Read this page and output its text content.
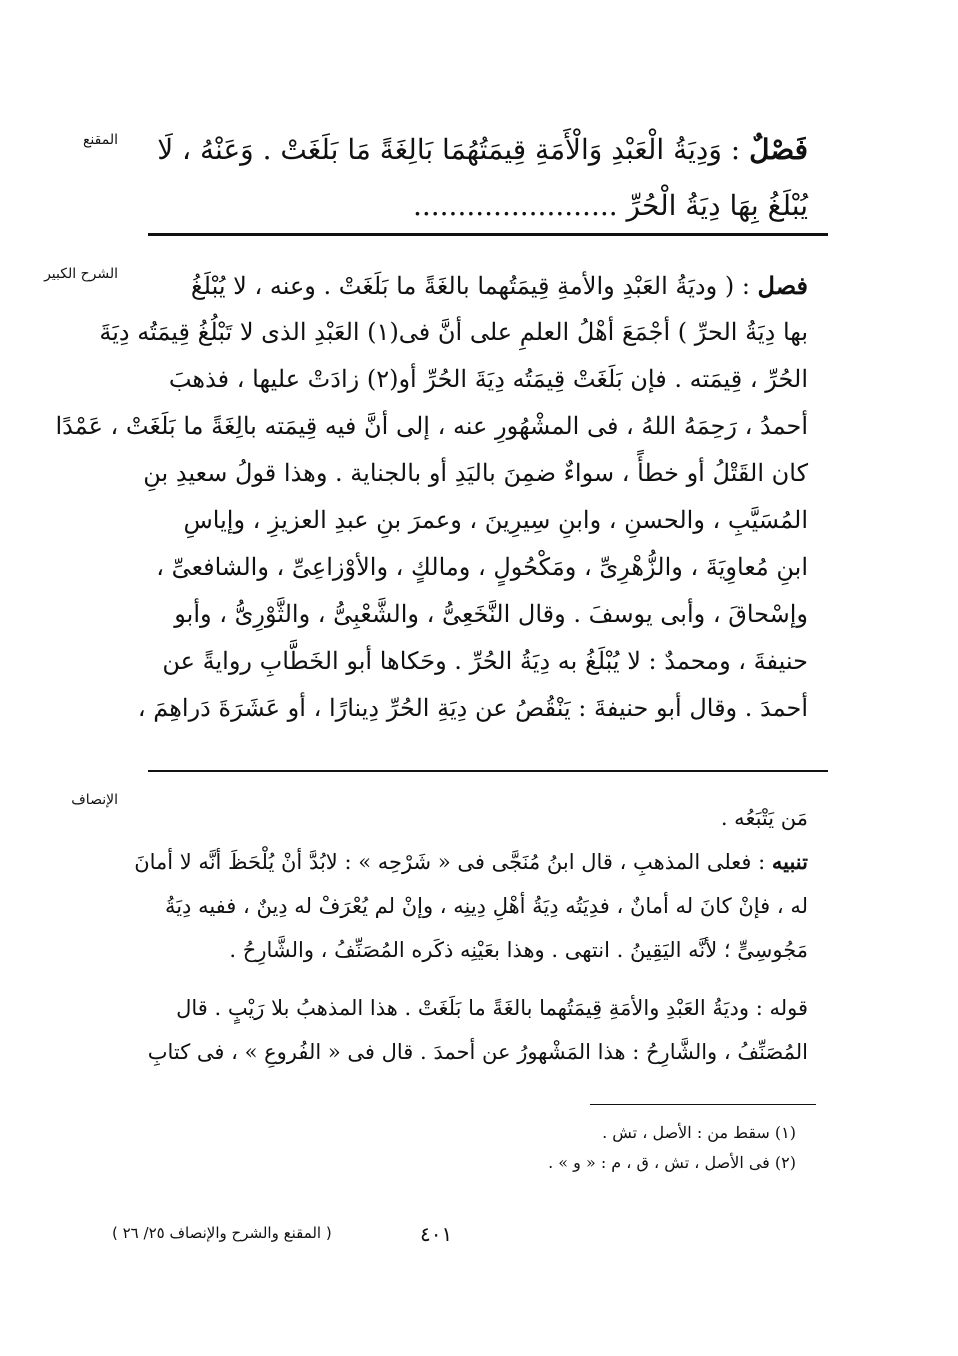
المقنع
الشرح الكبير
الإنصاف
فَصْلٌ : وَدِيَةُ الْعَبْدِ وَالْأَمَةِ قِيمَتُهُمَا بَالِغَةً مَا بَلَغَتْ . وَعَنْهُ ، لَا
يُبْلَغُ بِهَا دِيَةُ الْحُرِّ .......................
فصل : ( وديَةُ العَبْدِ والأمةِ قِيمَتُهما بالغَةً ما بَلَغَتْ . وعنه ، لا يُبْلَغُ
بها دِيَةُ الحرِّ ) أجْمَعَ أهْلُ العلمِ على أنَّ فى(١) العَبْدِ الذى لا تَبْلُغُ قِيمَتُه دِيَةَ
الحُرِّ ، قِيمَته . فإن بَلَغَتْ قِيمَتُه دِيَةَ الحُرِّ أو(٢) زادَتْ عليها ، فذهبَ
أحمدُ ، رَحِمَهُ اللهُ ، فى المشْهُورِ عنه ، إلى أنَّ فيه قِيمَته بالِغَةً ما بَلَغَتْ ، عَمْدًا
كان القَتْلُ أو خطأً ، سواءٌ ضمِنَ باليَدِ أو بالجناية . وهذا قولُ سعيدِ بنِ
المُسَيَّبِ ، والحسنِ ، وابنِ سِيرِينَ ، وعمرَ بنِ عبدِ العزيزِ ، وإياسِ
ابنِ مُعاوِيَةَ ، والزُّهْرِىِّ ، ومَكْحُولٍ ، ومالكٍ ، والأوْزاعِىِّ ، والشافعىِّ ،
وإسْحاقَ ، وأبى يوسفَ . وقال النَّخَعِىُّ ، والشَّعْبِىُّ ، والثَّوْرِىُّ ، وأبو
حنيفةَ ، ومحمدٌ : لا يُبْلَغُ به دِيَةُ الحُرِّ . وحَكاها أبو الخَطَّابِ روايةً عن
أحمدَ . وقال أبو حنيفةَ : يَنْقُصُ عن دِيَةِ الحُرِّ دِينارًا ، أو عَشَرَةَ دَراهِمَ ،
مَن يَتْبَعُه .
تنبيه : فعلى المذهبِ ، قال ابنُ مُنَجَّى فى « شَرْحِه » : لابُدَّ أنْ يُلْحَظَ أنَّه لا أمانَ
له ، فإنْ كانَ له أمانٌ ، فدِيَتُه دِيَةُ أهْلِ دِينِه ، وإنْ لم يُعْرَفْ له دِينٌ ، ففيه دِيَةُ
مَجُوسِىٍّ ؛ لأنَّه اليَقِينُ . انتهى . وهذا بعَيْنِه ذكَره المُصَنِّفُ ، والشَّارِحُ .
قوله : وديَةُ العَبْدِ والأمَةِ قِيمَتُهما بالغَةً ما بَلَغَتْ . هذا المذهبُ بلا رَيْبٍ . قال
المُصَنِّفُ ، والشَّارِحُ : هذا المَشْهورُ عن أحمدَ . قال فى « الفُروعِ » ، فى كتابِ
(١) سقط من : الأصل ، تش .
(٢) فى الأصل ، تش ، ق ، م : « و » .
٤٠١
( المقنع والشرح والإنصاف ٢٥/ ٢٦ )
